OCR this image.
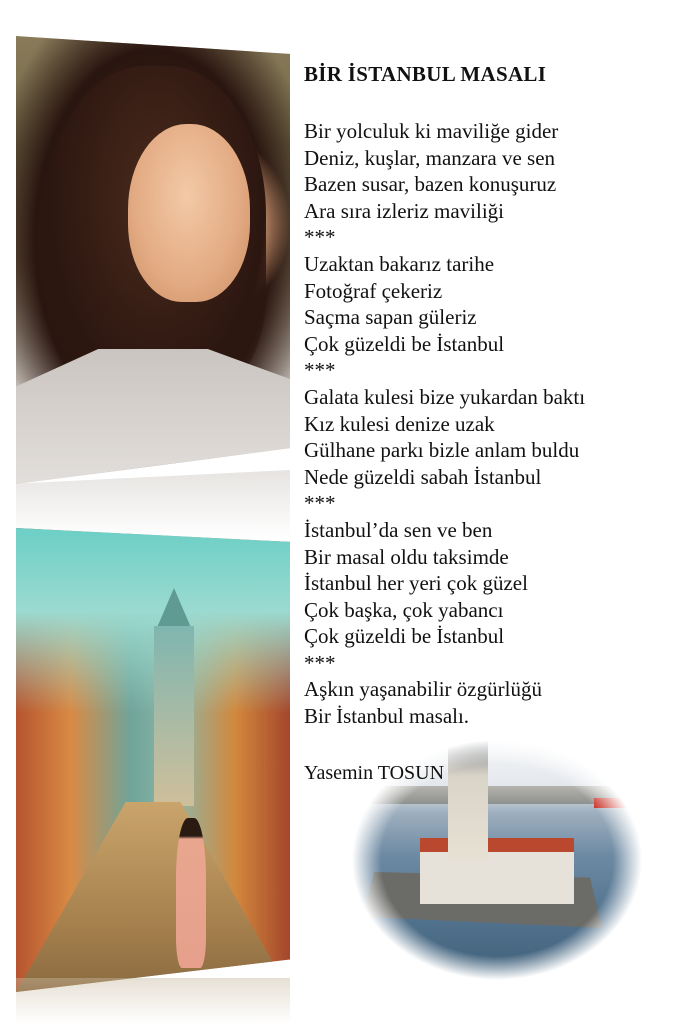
BİR İSTANBUL MASALI
Bir yolculuk ki maviliğe gider
Deniz, kuşlar, manzara ve sen
Bazen susar, bazen konuşuruz
Ara sıra izleriz maviliği
***
Uzaktan bakarız tarihe
Fotoğraf çekeriz
Saçma sapan güleriz
Çok güzeldi be İstanbul
***
Galata kulesi bize yukardan baktı
Kız kulesi denize uzak
Gülhane parkı bizle anlam buldu
Nede güzeldi sabah İstanbul
***
İstanbul’da sen ve ben
Bir masal oldu taksimde
İstanbul her yeri çok güzel
Çok başka, çok yabancı
Çok güzeldi be İstanbul
***
Aşkın yaşanabilir özgürlüğü
Bir İstanbul masalı.
Yasemin TOSUN
